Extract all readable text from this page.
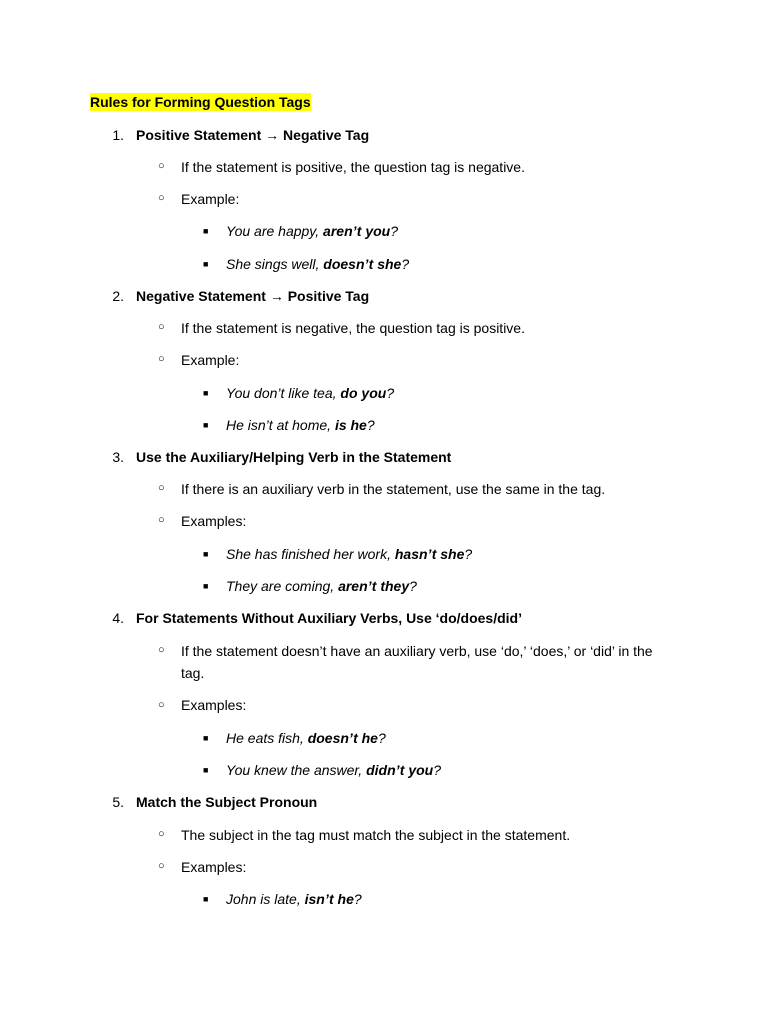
Rules for Forming Question Tags
1. Positive Statement → Negative Tag
○ If the statement is positive, the question tag is negative.
○ Example:
■ You are happy, aren’t you?
■ She sings well, doesn’t she?
2. Negative Statement → Positive Tag
○ If the statement is negative, the question tag is positive.
○ Example:
■ You don’t like tea, do you?
■ He isn’t at home, is he?
3. Use the Auxiliary/Helping Verb in the Statement
○ If there is an auxiliary verb in the statement, use the same in the tag.
○ Examples:
■ She has finished her work, hasn’t she?
■ They are coming, aren’t they?
4. For Statements Without Auxiliary Verbs, Use ‘do/does/did’
○ If the statement doesn’t have an auxiliary verb, use ‘do,’ ‘does,’ or ‘did’ in the tag.
○ Examples:
■ He eats fish, doesn’t he?
■ You knew the answer, didn’t you?
5. Match the Subject Pronoun
○ The subject in the tag must match the subject in the statement.
○ Examples:
■ John is late, isn’t he?
